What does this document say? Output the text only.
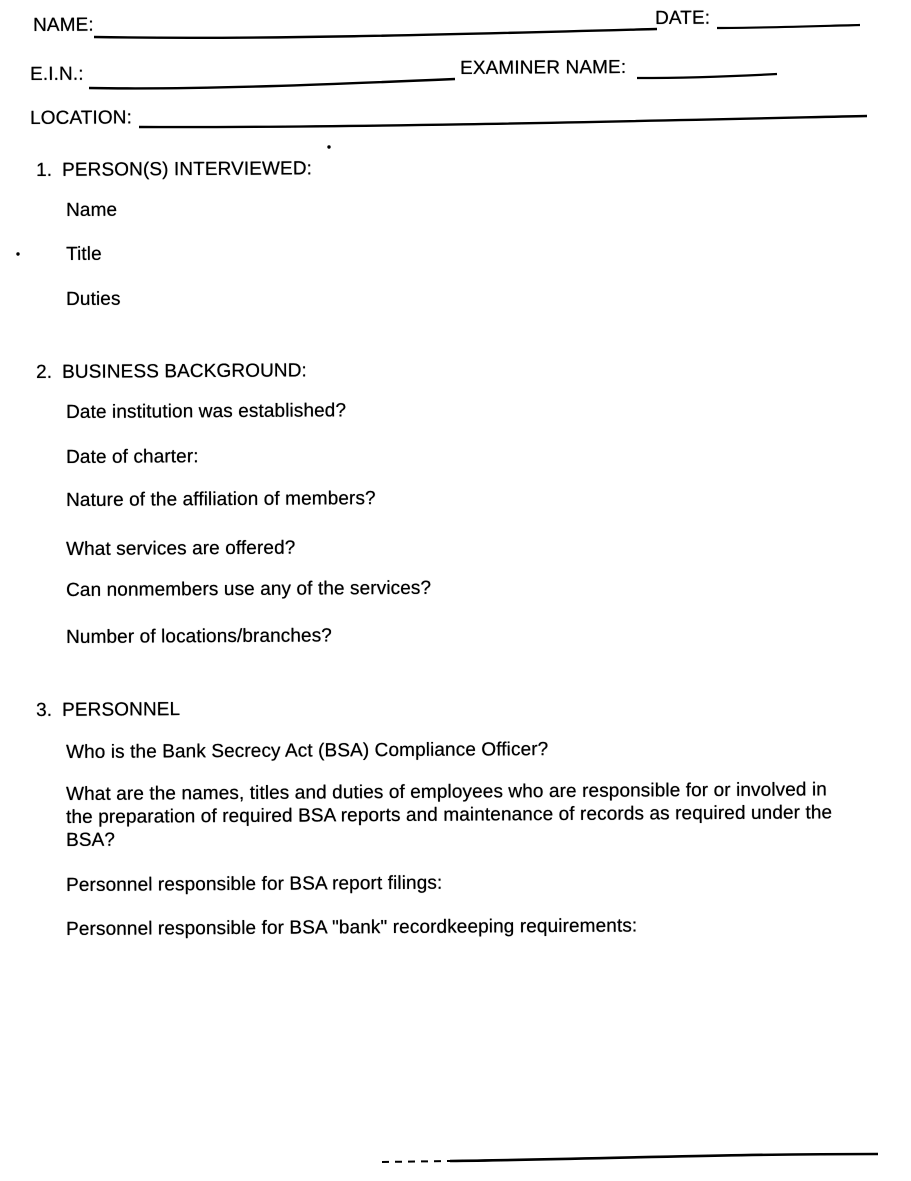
NAME:	DATE:
E.I.N.:	EXAMINER NAME:
LOCATION:
1. PERSON(S) INTERVIEWED:
Name
Title
Duties
2. BUSINESS BACKGROUND:
Date institution was established?
Date of charter:
Nature of the affiliation of members?
What services are offered?
Can nonmembers use any of the services?
Number of locations/branches?
3. PERSONNEL
Who is the Bank Secrecy Act (BSA) Compliance Officer?
What are the names, titles and duties of employees who are responsible for or involved in
the preparation of required BSA reports and maintenance of records as required under the
BSA?
Personnel responsible for BSA report filings:
Personnel responsible for BSA "bank" recordkeeping requirements:
